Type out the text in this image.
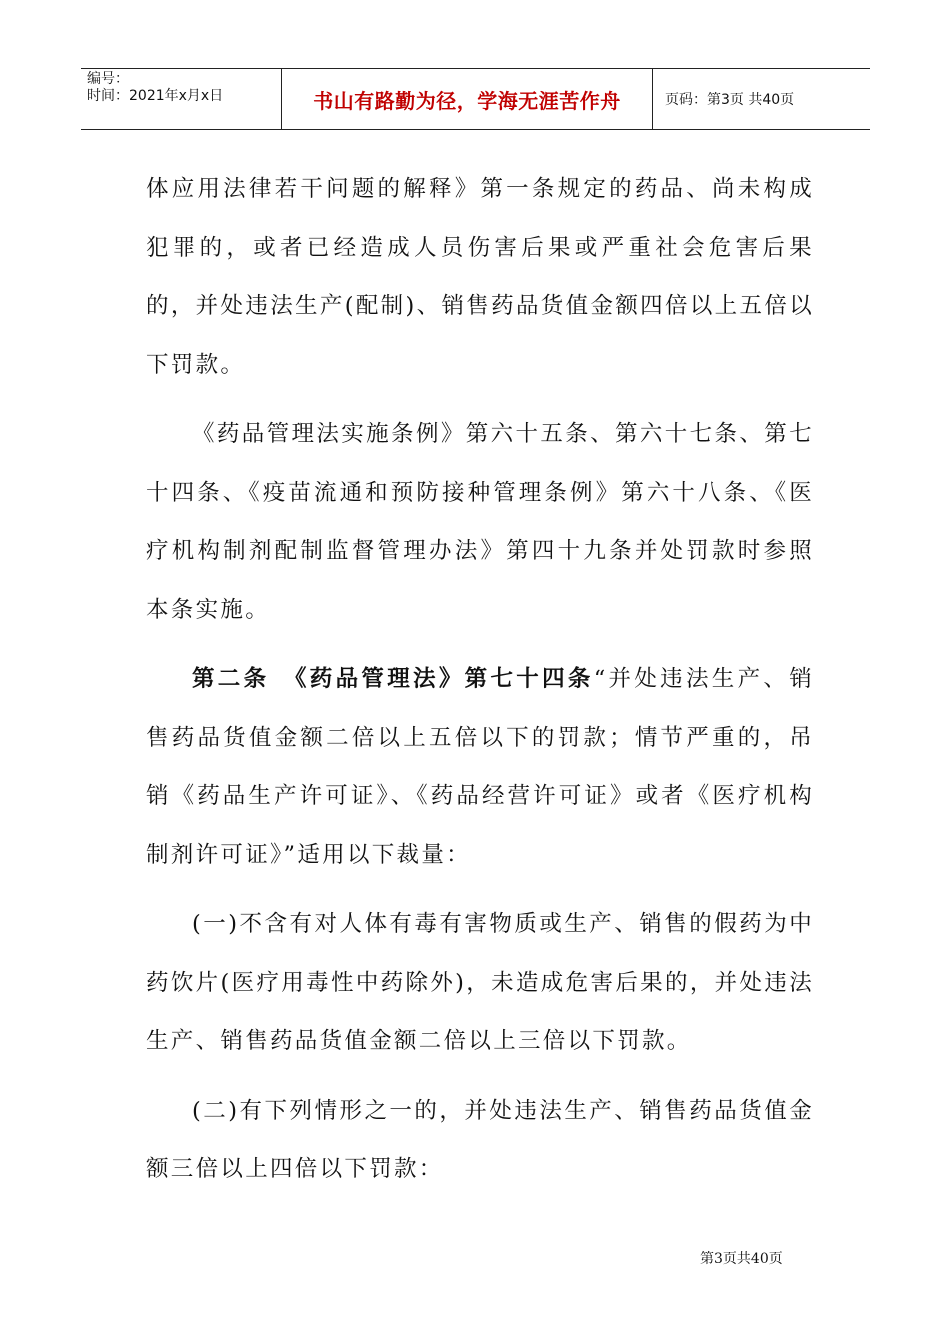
编号：
时间：2021年x月x日	书山有路勤为径，学海无涯苦作舟	页码：第3页 共40页

体应用法律若干问题的解释》第一条规定的药品、尚未构成犯罪的，或者已经造成人员伤害后果或严重社会危害后果的，并处违法生产(配制)、销售药品货值金额四倍以上五倍以下罚款。

《药品管理法实施条例》第六十五条、第六十七条、第七十四条、《疫苗流通和预防接种管理条例》第六十八条、《医疗机构制剂配制监督管理办法》第四十九条并处罚款时参照本条实施。

第二条　《药品管理法》第七十四条“并处违法生产、销售药品货值金额二倍以上五倍以下的罚款；情节严重的，吊销《药品生产许可证》、《药品经营许可证》或者《医疗机构制剂许可证》”适用以下裁量：

(一)不含有对人体有毒有害物质或生产、销售的假药为中药饮片(医疗用毒性中药除外)，未造成危害后果的，并处违法生产、销售药品货值金额二倍以上三倍以下罚款。

(二)有下列情形之一的，并处违法生产、销售药品货值金额三倍以上四倍以下罚款：

第3页共40页
